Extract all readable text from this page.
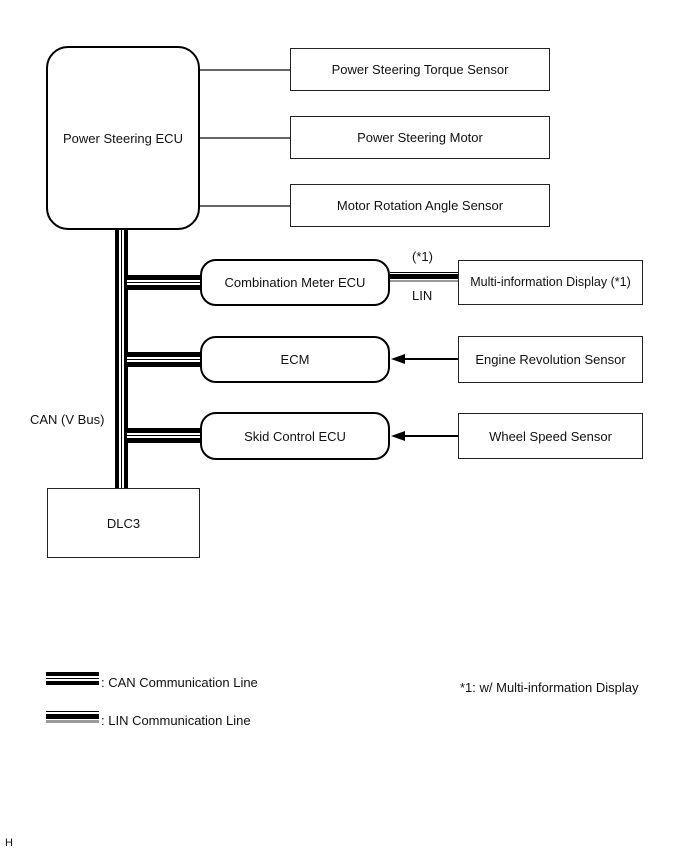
Power Steering ECU
Power Steering Torque Sensor
Power Steering Motor
Motor Rotation Angle Sensor
Combination Meter ECU
ECM
Skid Control ECU
(*1)
LIN
Multi-information Display (*1)
Engine Revolution Sensor
Wheel Speed Sensor
DLC3
CAN (V Bus)
: CAN Communication Line
: LIN Communication Line
*1: w/ Multi-information Display
H
